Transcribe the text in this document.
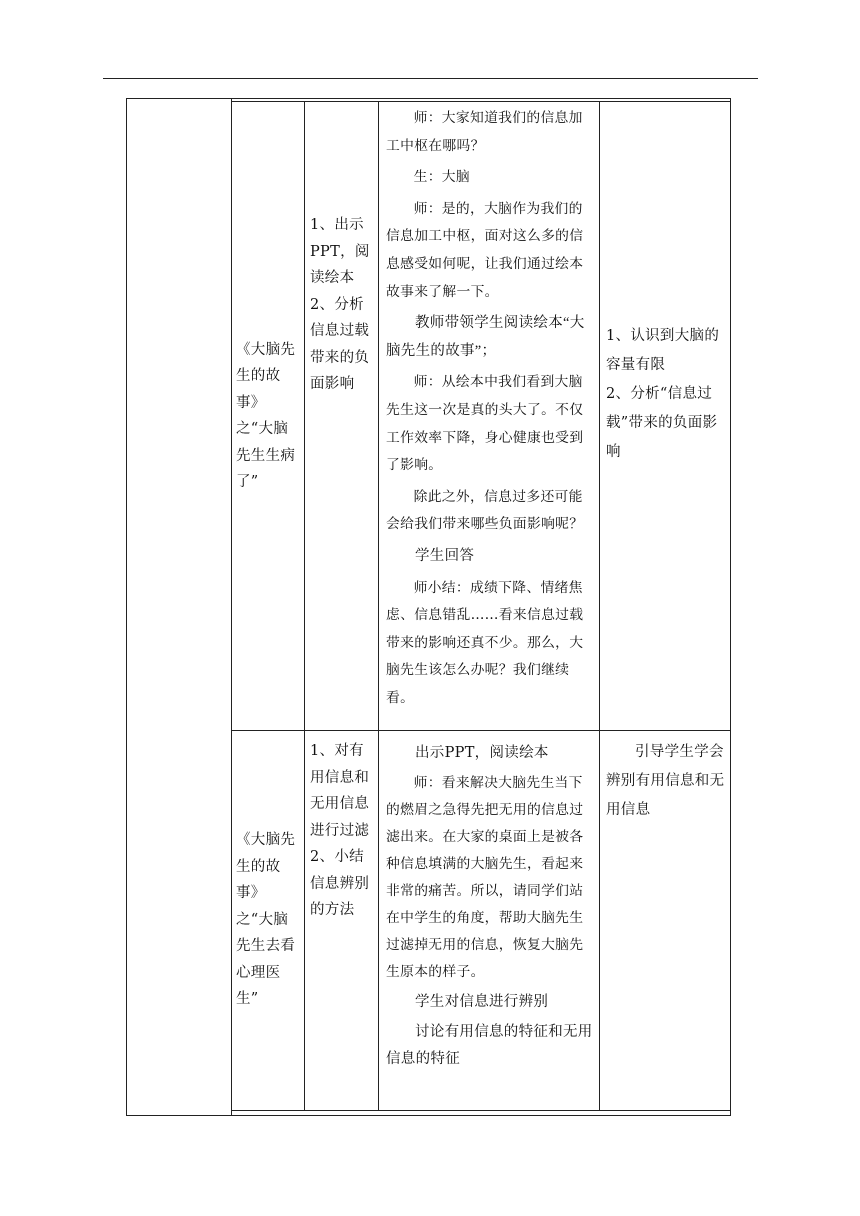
《大脑先生的故事》之“大脑先生生病了”

1、出示PPT，阅读绘本

2、分析信息过载带来的负面影响

师：大家知道我们的信息加工中枢在哪吗？

生：大脑

师：是的，大脑作为我们的信息加工中枢，面对这么多的信息感受如何呢，让我们通过绘本故事来了解一下。

教师带领学生阅读绘本“大脑先生的故事”；

师：从绘本中我们看到大脑先生这一次是真的头大了。不仅工作效率下降，身心健康也受到了影响。

除此之外，信息过多还可能会给我们带来哪些负面影响呢？

学生回答

师小结：成绩下降、情绪焦虑、信息错乱……看来信息过载带来的影响还真不少。那么，大脑先生该怎么办呢？我们继续看。

1、认识到大脑的容量有限

2、分析“信息过载”带来的负面影响

《大脑先生的故事》之“大脑先生去看心理医生”

1、对有用信息和无用信息进行过滤

2、小结信息辨别的方法

出示PPT，阅读绘本

师：看来解决大脑先生当下的燃眉之急得先把无用的信息过滤出来。在大家的桌面上是被各种信息填满的大脑先生，看起来非常的痛苦。所以，请同学们站在中学生的角度，帮助大脑先生过滤掉无用的信息，恢复大脑先生原本的样子。

学生对信息进行辨别

讨论有用信息的特征和无用信息的特征

引导学生学会辨别有用信息和无用信息
